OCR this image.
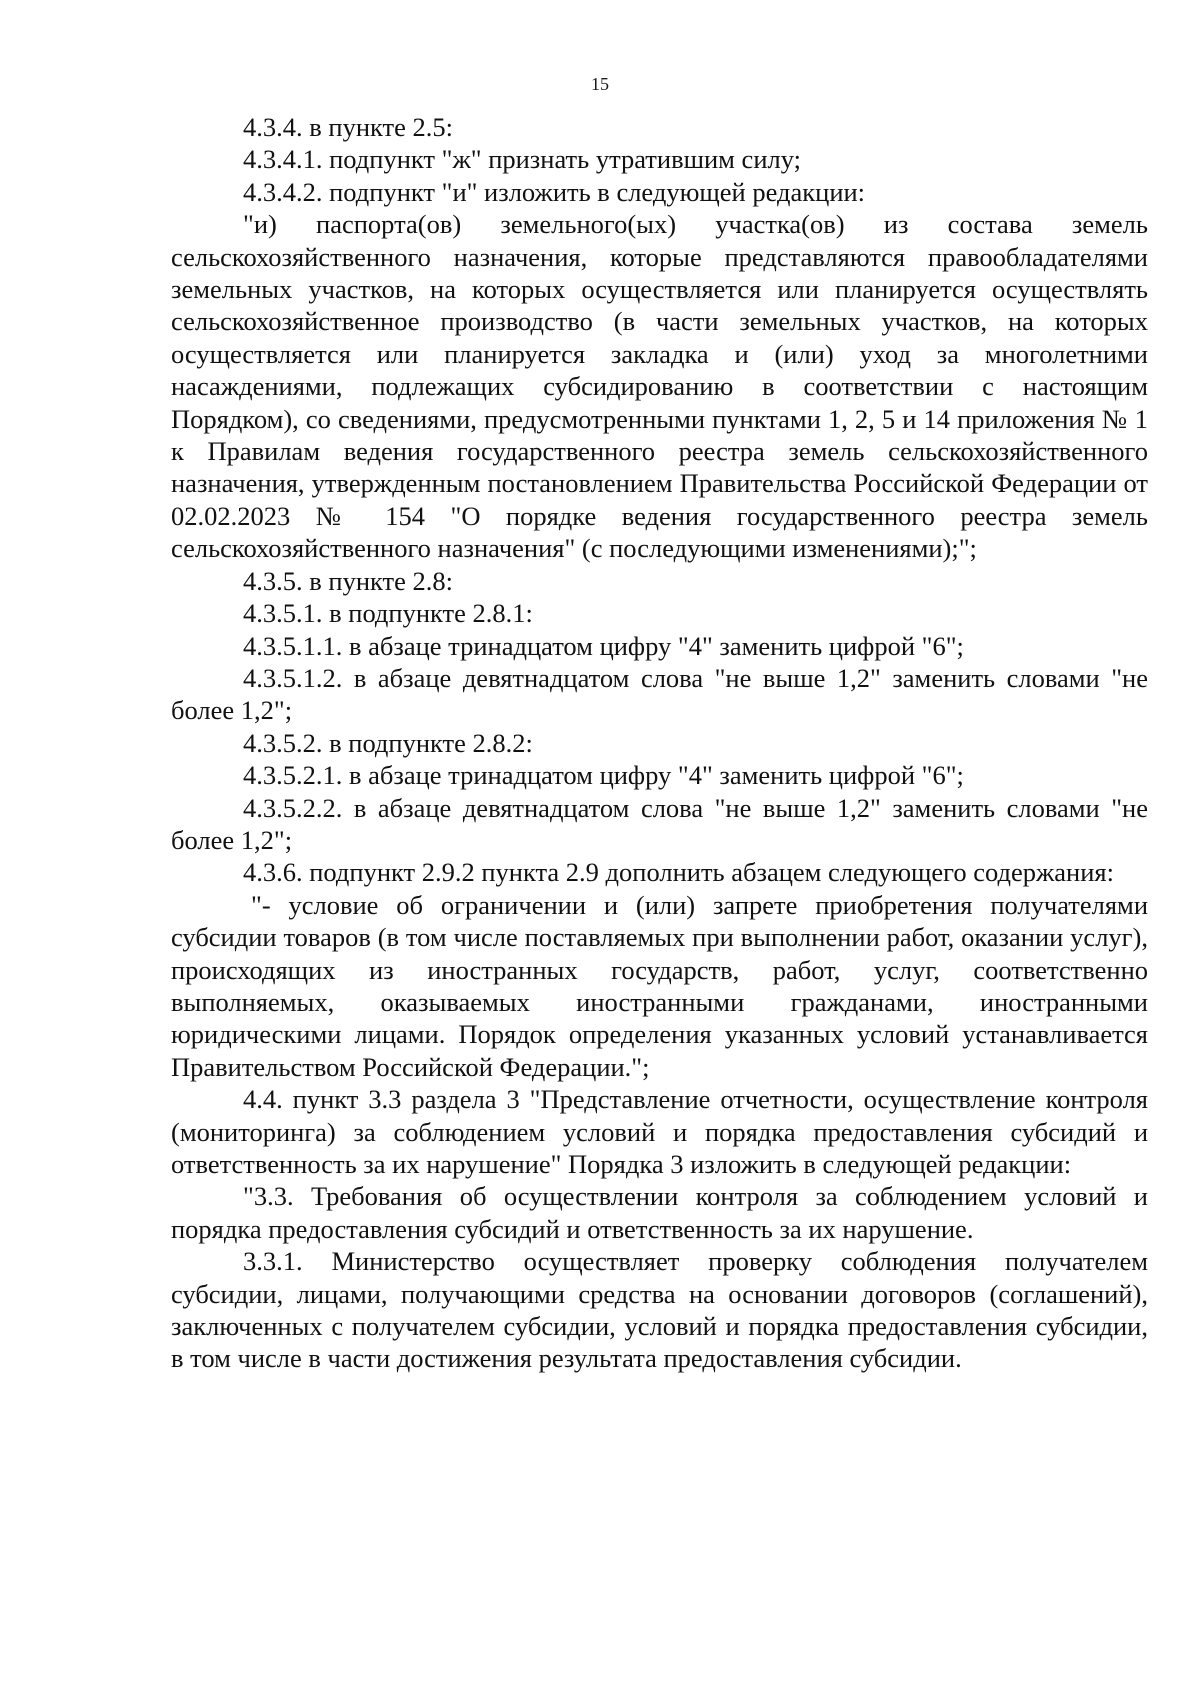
15

4.3.4. в пункте 2.5:

4.3.4.1. подпункт "ж" признать утратившим силу;

4.3.4.2. подпункт "и" изложить в следующей редакции:

"и) паспорта(ов) земельного(ых) участка(ов) из состава земель сельскохозяйственного назначения, которые представляются правообладателями земельных участков, на которых осуществляется или планируется осуществлять сельскохозяйственное производство (в части земельных участков, на которых осуществляется или планируется закладка и (или) уход за многолетними насаждениями, подлежащих субсидированию в соответствии с настоящим Порядком), со сведениями, предусмотренными пунктами 1, 2, 5 и 14 приложения № 1 к Правилам ведения государственного реестра земель сельскохозяйственного назначения, утвержденным постановлением Правительства Российской Федерации от 02.02.2023 № 154 "О порядке ведения государственного реестра земель сельскохозяйственного назначения" (с последующими изменениями);";

4.3.5. в пункте 2.8:

4.3.5.1. в подпункте 2.8.1:

4.3.5.1.1. в абзаце тринадцатом цифру "4" заменить цифрой "6";

4.3.5.1.2. в абзаце девятнадцатом слова "не выше 1,2" заменить словами "не более 1,2";

4.3.5.2. в подпункте 2.8.2:

4.3.5.2.1. в абзаце тринадцатом цифру "4" заменить цифрой "6";

4.3.5.2.2. в абзаце девятнадцатом слова "не выше 1,2" заменить словами "не более 1,2";

4.3.6. подпункт 2.9.2 пункта 2.9 дополнить абзацем следующего содержания:

"- условие об ограничении и (или) запрете приобретения получателями субсидии товаров (в том числе поставляемых при выполнении работ, оказании услуг), происходящих из иностранных государств, работ, услуг, соответственно выполняемых, оказываемых иностранными гражданами, иностранными юридическими лицами. Порядок определения указанных условий устанавливается Правительством Российской Федерации.";

4.4. пункт 3.3 раздела 3 "Представление отчетности, осуществление контроля (мониторинга) за соблюдением условий и порядка предоставления субсидий и ответственность за их нарушение" Порядка 3 изложить в следующей редакции:

"3.3. Требования об осуществлении контроля за соблюдением условий и порядка предоставления субсидий и ответственность за их нарушение.

3.3.1. Министерство осуществляет проверку соблюдения получателем субсидии, лицами, получающими средства на основании договоров (соглашений), заключенных с получателем субсидии, условий и порядка предоставления субсидии, в том числе в части достижения результата предоставления субсидии.
